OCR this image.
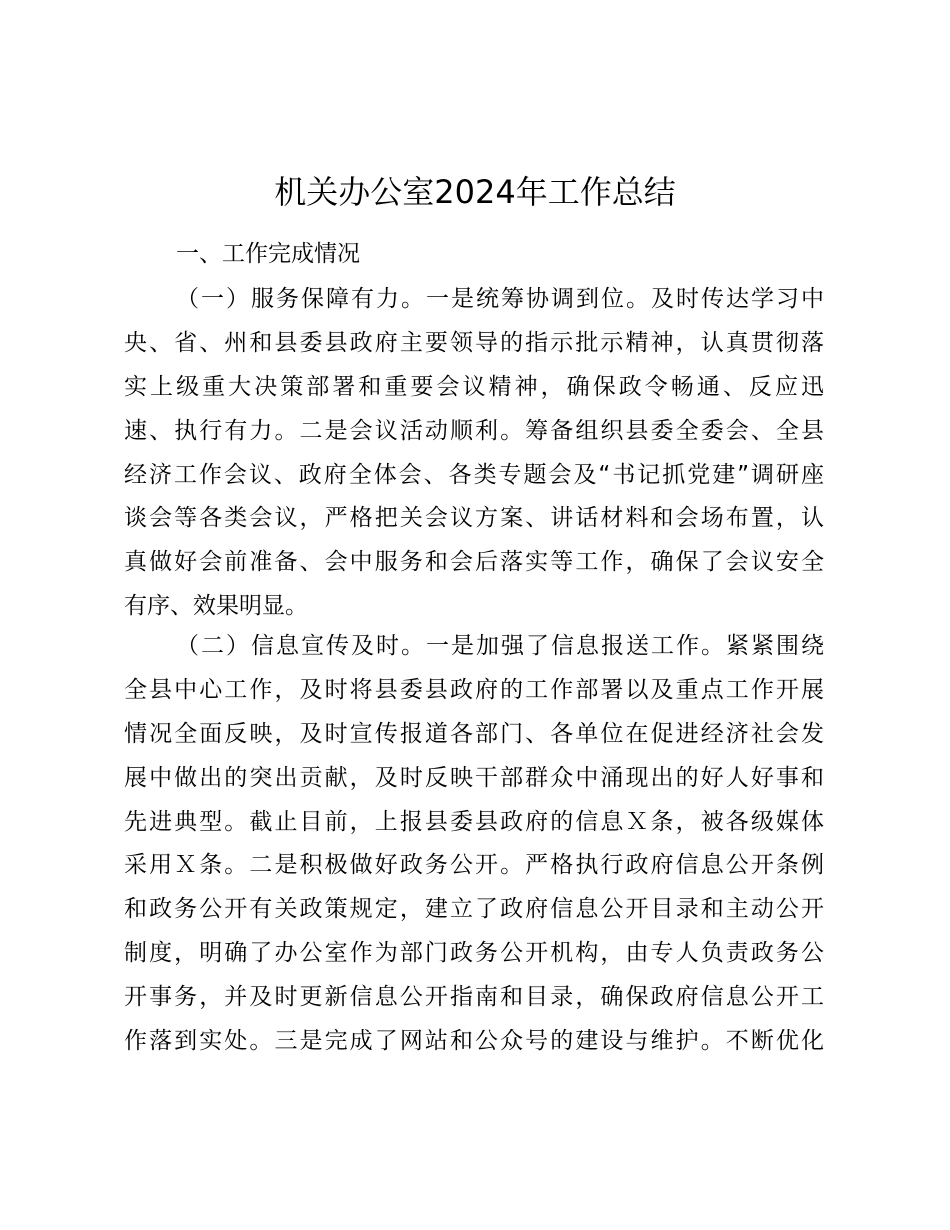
机关办公室2024年工作总结
一、工作完成情况
（一）服务保障有力。一是统筹协调到位。及时传达学习中
央、省、州和县委县政府主要领导的指示批示精神，认真贯彻落
实上级重大决策部署和重要会议精神，确保政令畅通、反应迅
速、执行有力。二是会议活动顺利。筹备组织县委全委会、全县
经济工作会议、政府全体会、各类专题会及“书记抓党建”调研座
谈会等各类会议，严格把关会议方案、讲话材料和会场布置，认
真做好会前准备、会中服务和会后落实等工作，确保了会议安全
有序、效果明显。
（二）信息宣传及时。一是加强了信息报送工作。紧紧围绕
全县中心工作，及时将县委县政府的工作部署以及重点工作开展
情况全面反映，及时宣传报道各部门、各单位在促进经济社会发
展中做出的突出贡献，及时反映干部群众中涌现出的好人好事和
先进典型。截止目前，上报县委县政府的信息Ｘ条，被各级媒体
采用Ｘ条。二是积极做好政务公开。严格执行政府信息公开条例
和政务公开有关政策规定，建立了政府信息公开目录和主动公开
制度，明确了办公室作为部门政务公开机构，由专人负责政务公
开事务，并及时更新信息公开指南和目录，确保政府信息公开工
作落到实处。三是完成了网站和公众号的建设与维护。不断优化
